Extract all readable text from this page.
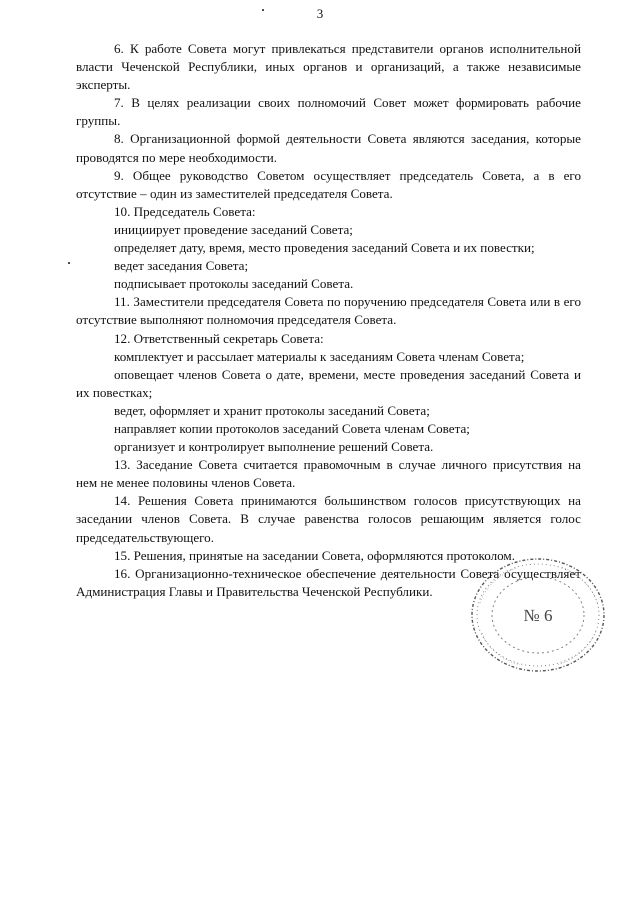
3

6. К работе Совета могут привлекаться представители органов исполнительной власти Чеченской Республики, иных органов и организаций, а также независимые эксперты.

7. В целях реализации своих полномочий Совет может формировать рабочие группы.

8. Организационной формой деятельности Совета являются заседания, которые проводятся по мере необходимости.

9. Общее руководство Советом осуществляет председатель Совета, а в его отсутствие – один из заместителей председателя Совета.

10. Председатель Совета:

инициирует проведение заседаний Совета;

определяет дату, время, место проведения заседаний Совета и их повестки;

ведет заседания Совета;

подписывает протоколы заседаний Совета.

11. Заместители председателя Совета по поручению председателя Совета или в его отсутствие выполняют полномочия председателя Совета.

12. Ответственный секретарь Совета:

комплектует и рассылает материалы к заседаниям Совета членам Совета;

оповещает членов Совета о дате, времени, месте проведения заседаний Совета и их повестках;

ведет, оформляет и хранит протоколы заседаний Совета;

направляет копии протоколов заседаний Совета членам Совета;

организует и контролирует выполнение решений Совета.

13. Заседание Совета считается правомочным в случае личного присутствия на нем не менее половины членов Совета.

14. Решения Совета принимаются большинством голосов присутствующих на заседании членов Совета. В случае равенства голосов решающим является голос председательствующего.

15. Решения, принятые на заседании Совета, оформляются протоколом.

16. Организационно-техническое обеспечение деятельности Совета осуществляет Администрация Главы и Правительства Чеченской Республики.

№ 6
